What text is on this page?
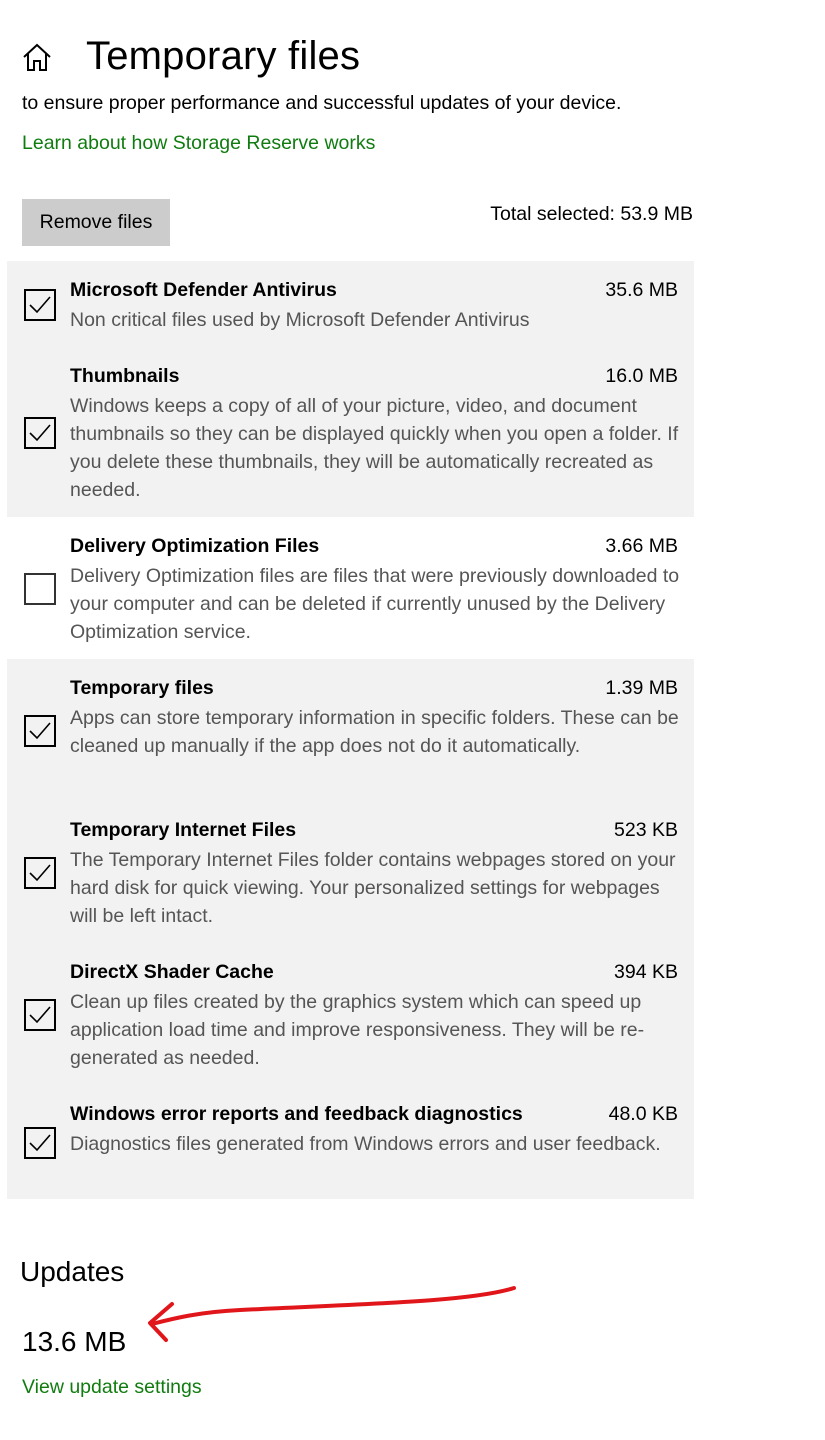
Temporary files
to ensure proper performance and successful updates of your device.
Learn about how Storage Reserve works
Remove files	Total selected: 53.9 MB
Microsoft Defender Antivirus	35.6 MB
Non critical files used by Microsoft Defender Antivirus
Thumbnails	16.0 MB
Windows keeps a copy of all of your picture, video, and document thumbnails so they can be displayed quickly when you open a folder. If you delete these thumbnails, they will be automatically recreated as needed.
Delivery Optimization Files	3.66 MB
Delivery Optimization files are files that were previously downloaded to your computer and can be deleted if currently unused by the Delivery Optimization service.
Temporary files	1.39 MB
Apps can store temporary information in specific folders. These can be cleaned up manually if the app does not do it automatically.
Temporary Internet Files	523 KB
The Temporary Internet Files folder contains webpages stored on your hard disk for quick viewing. Your personalized settings for webpages will be left intact.
DirectX Shader Cache	394 KB
Clean up files created by the graphics system which can speed up application load time and improve responsiveness. They will be re-generated as needed.
Windows error reports and feedback diagnostics	48.0 KB
Diagnostics files generated from Windows errors and user feedback.
Updates
13.6 MB
View update settings
